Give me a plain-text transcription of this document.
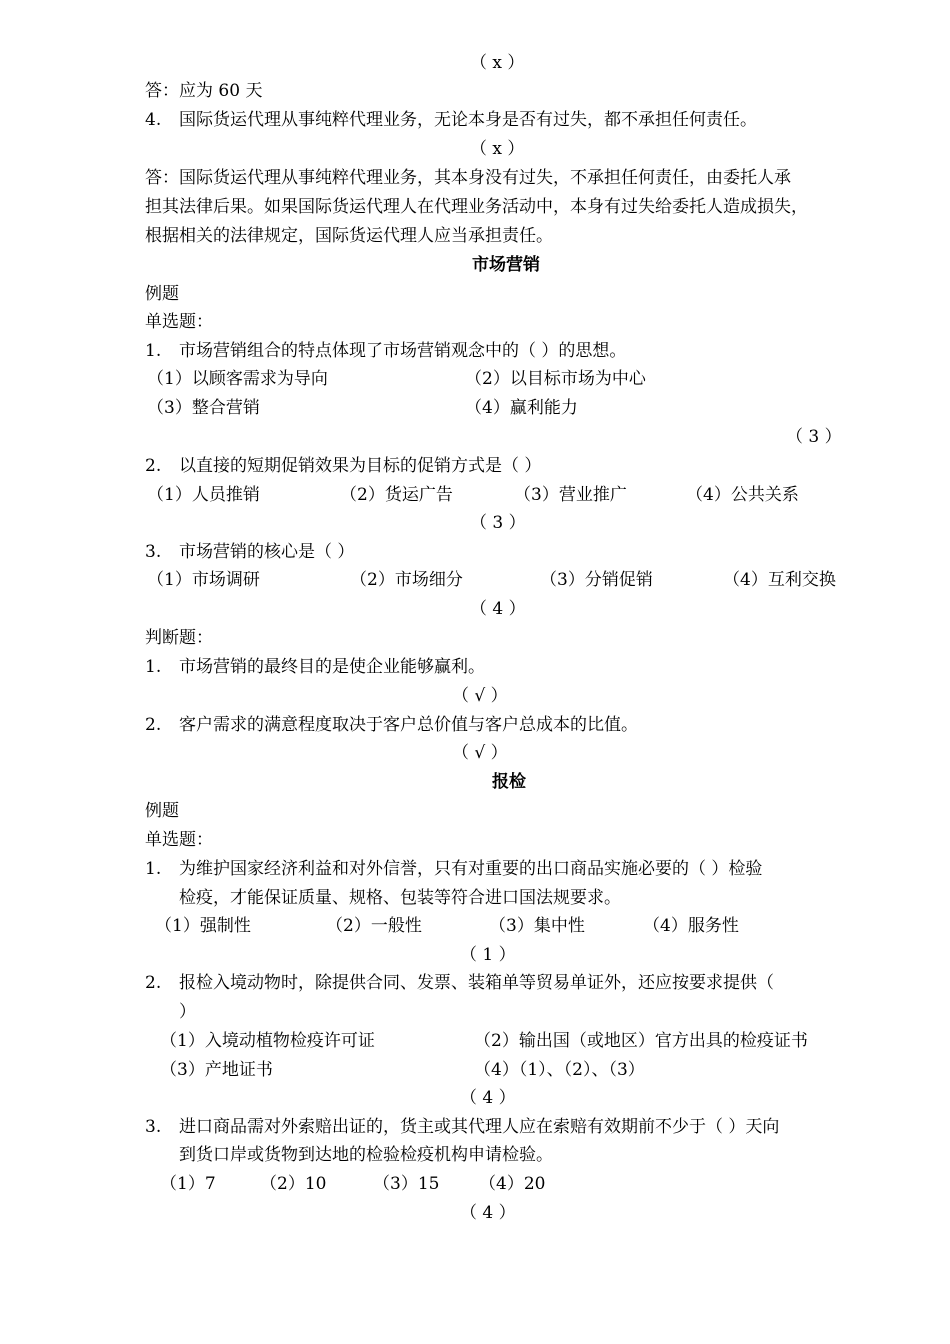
（ x ）
答：应为 60 天
4. 国际货运代理从事纯粹代理业务，无论本身是否有过失，都不承担任何责任。
（ x ）
答：国际货运代理从事纯粹代理业务，其本身没有过失，不承担任何责任，由委托人承
担其法律后果。如果国际货运代理人在代理业务活动中，本身有过失给委托人造成损失，
根据相关的法律规定，国际货运代理人应当承担责任。
市场营销
例题
单选题：
1. 市场营销组合的特点体现了市场营销观念中的（ ）的思想。
（1）以顾客需求为导向	（2）以目标市场为中心
（3）整合营销	（4）赢利能力
（ 3 ）
2. 以直接的短期促销效果为目标的促销方式是（ ）
（1）人员推销	（2）货运广告	（3）营业推广	（4）公共关系
（ 3 ）
3. 市场营销的核心是（ ）
（1）市场调研	（2）市场细分	（3）分销促销	（4）互利交换
（ 4 ）
判断题：
1. 市场营销的最终目的是使企业能够赢利。
（ √ ）
2. 客户需求的满意程度取决于客户总价值与客户总成本的比值。
（ √ ）
报检
例题
单选题：
1. 为维护国家经济利益和对外信誉，只有对重要的出口商品实施必要的（ ）检验
检疫，才能保证质量、规格、包装等符合进口国法规要求。
（1）强制性	（2）一般性	（3）集中性	（4）服务性
（ 1 ）
2. 报检入境动物时，除提供合同、发票、装箱单等贸易单证外，还应按要求提供（
）
（1）入境动植物检疫许可证	（2）输出国（或地区）官方出具的检疫证书
（3）产地证书	（4）（1）、（2）、（3）
（ 4 ）
3. 进口商品需对外索赔出证的，货主或其代理人应在索赔有效期前不少于（ ）天向
到货口岸或货物到达地的检验检疫机构申请检验。
（1）7	（2）10	（3）15 （4）20
（ 4 ）
